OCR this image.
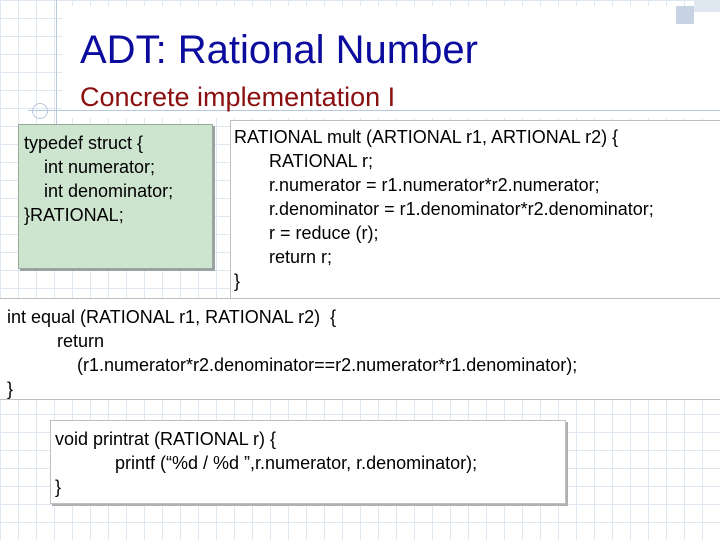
ADT: Rational Number
Concrete implementation I
typedef struct {
int numerator;
int denominator;
}RATIONAL;
RATIONAL mult (ARTIONAL r1, ARTIONAL r2) {
RATIONAL r;
r.numerator = r1.numerator*r2.numerator;
r.denominator = r1.denominator*r2.denominator;
r = reduce (r);
return r;
}
int equal (RATIONAL r1, RATIONAL r2)  {
return
(r1.numerator*r2.denominator==r2.numerator*r1.denominator);
}
void printrat (RATIONAL r) {
printf (“%d / %d ”,r.numerator, r.denominator);
}
